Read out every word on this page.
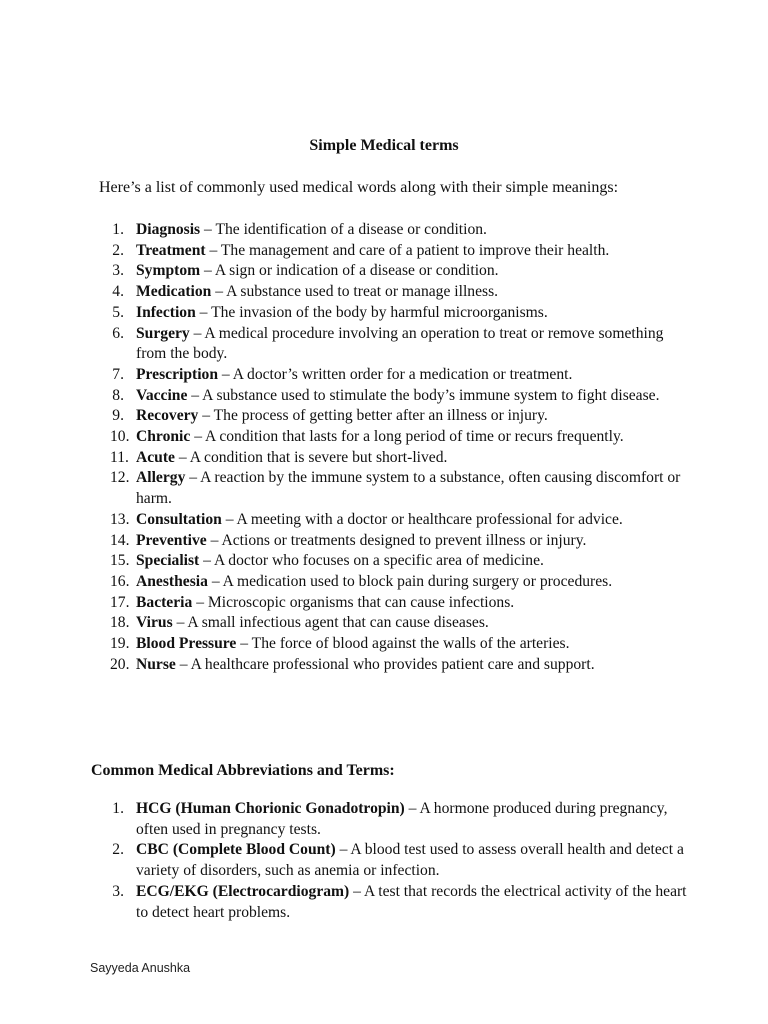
Simple Medical terms
Here’s a list of commonly used medical words along with their simple meanings:
1. Diagnosis – The identification of a disease or condition.
2. Treatment – The management and care of a patient to improve their health.
3. Symptom – A sign or indication of a disease or condition.
4. Medication – A substance used to treat or manage illness.
5. Infection – The invasion of the body by harmful microorganisms.
6. Surgery – A medical procedure involving an operation to treat or remove something from the body.
7. Prescription – A doctor’s written order for a medication or treatment.
8. Vaccine – A substance used to stimulate the body’s immune system to fight disease.
9. Recovery – The process of getting better after an illness or injury.
10. Chronic – A condition that lasts for a long period of time or recurs frequently.
11. Acute – A condition that is severe but short-lived.
12. Allergy – A reaction by the immune system to a substance, often causing discomfort or harm.
13. Consultation – A meeting with a doctor or healthcare professional for advice.
14. Preventive – Actions or treatments designed to prevent illness or injury.
15. Specialist – A doctor who focuses on a specific area of medicine.
16. Anesthesia – A medication used to block pain during surgery or procedures.
17. Bacteria – Microscopic organisms that can cause infections.
18. Virus – A small infectious agent that can cause diseases.
19. Blood Pressure – The force of blood against the walls of the arteries.
20. Nurse – A healthcare professional who provides patient care and support.
Common Medical Abbreviations and Terms:
1. HCG (Human Chorionic Gonadotropin) – A hormone produced during pregnancy, often used in pregnancy tests.
2. CBC (Complete Blood Count) – A blood test used to assess overall health and detect a variety of disorders, such as anemia or infection.
3. ECG/EKG (Electrocardiogram) – A test that records the electrical activity of the heart to detect heart problems.
Sayyeda Anushka
